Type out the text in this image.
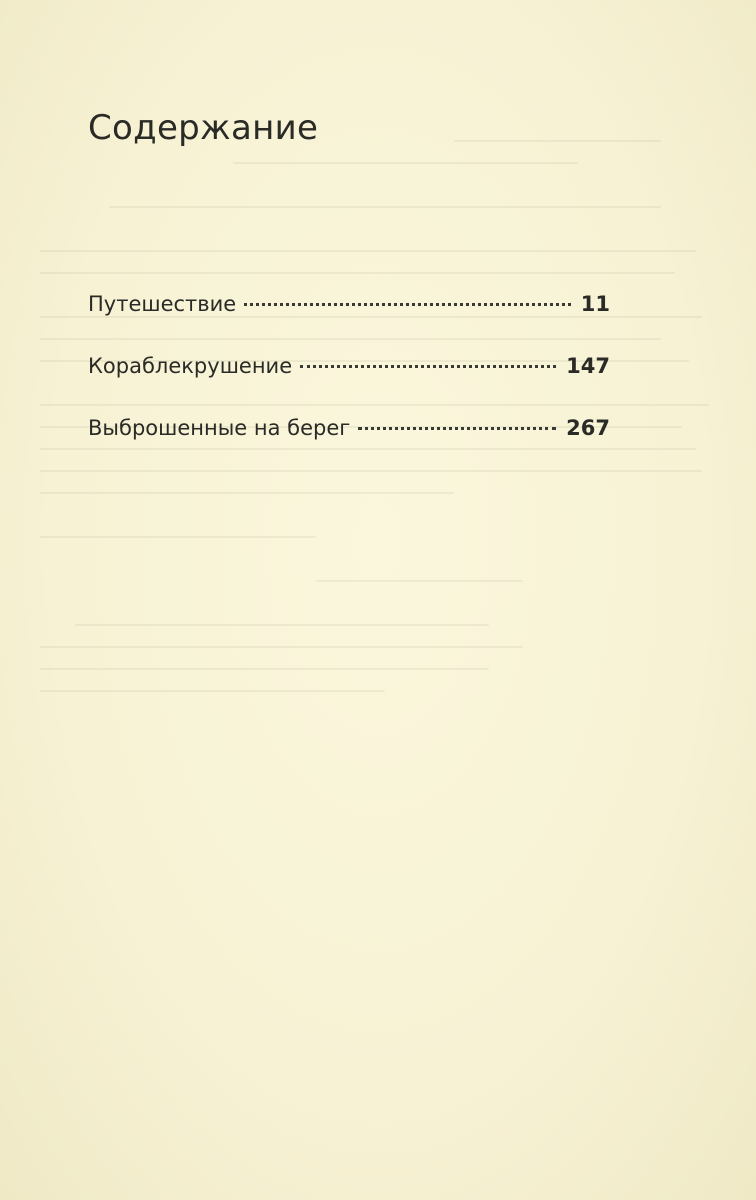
Содержание
Путешествие	11
Кораблекрушение	147
Выброшенные на берег	267
